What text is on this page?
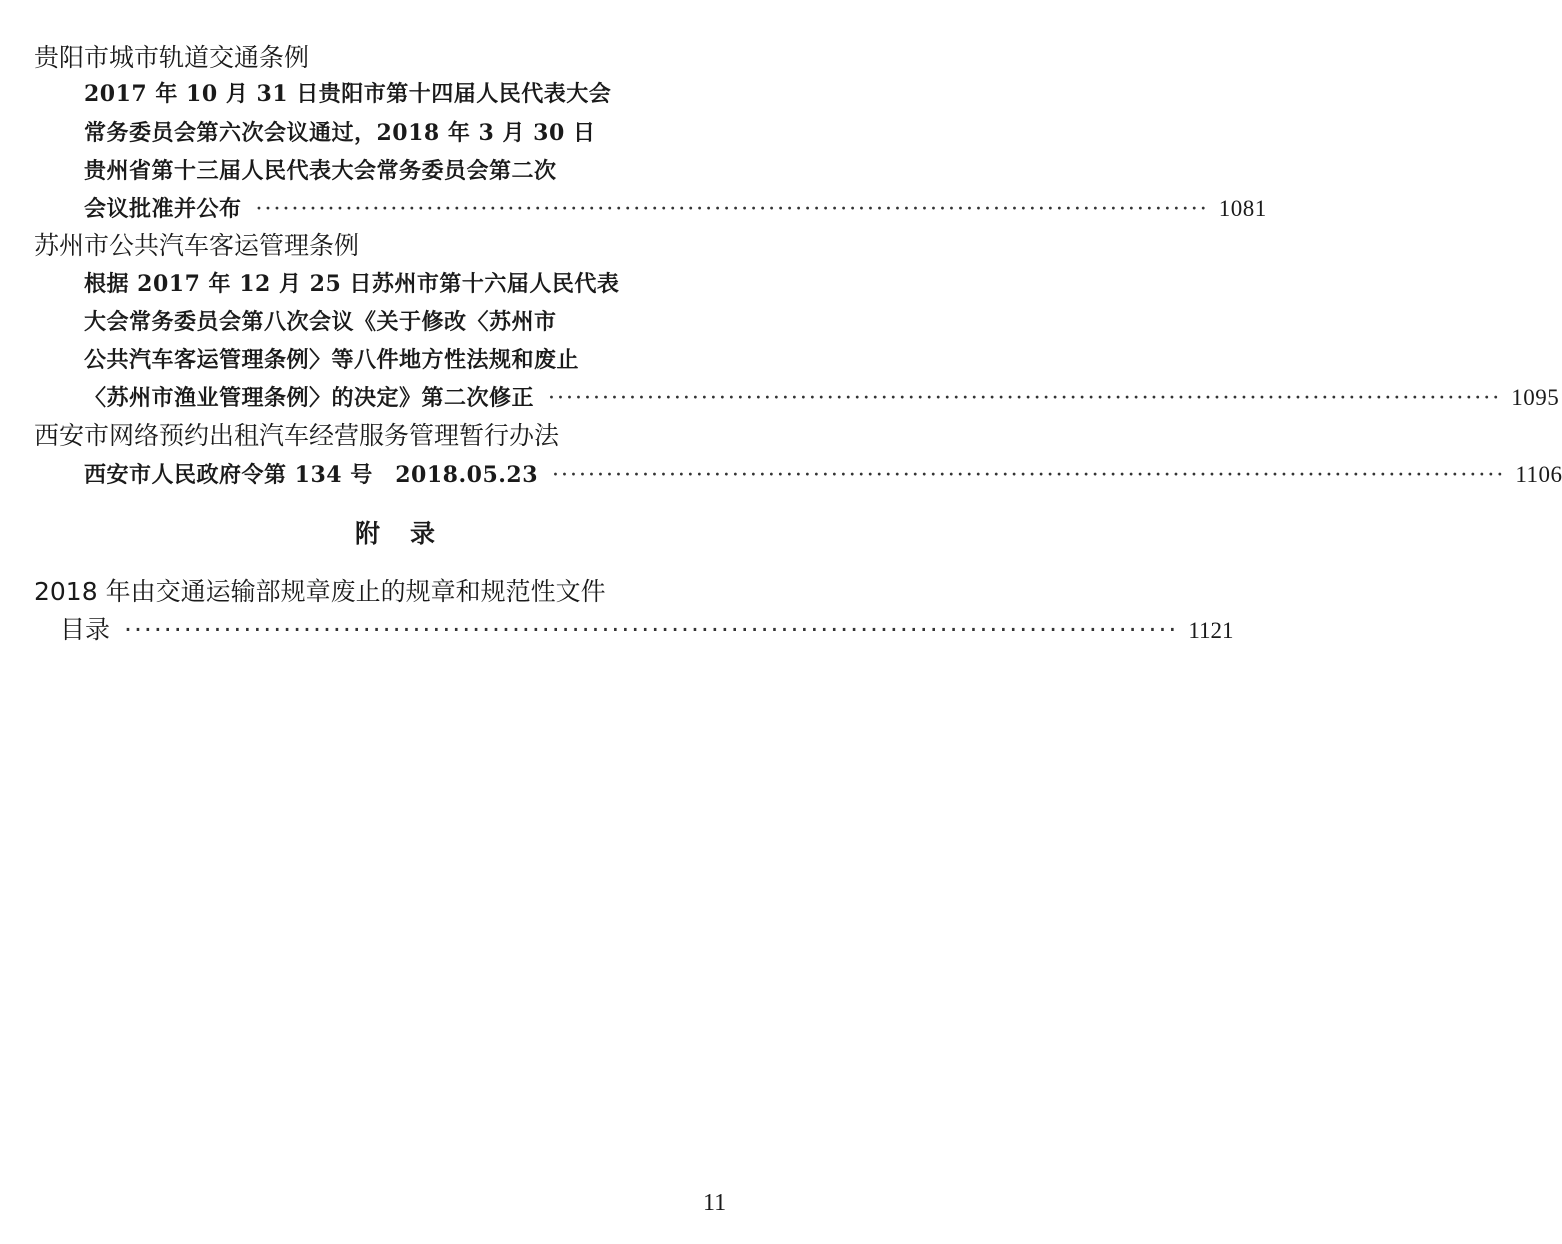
贵阳市城市轨道交通条例
2017 年 10 月 31 日贵阳市第十四届人民代表大会
常务委员会第六次会议通过，2018 年 3 月 30 日
贵州省第十三届人民代表大会常务委员会第二次
会议批准并公布 ·········································································································· 1081
苏州市公共汽车客运管理条例
根据 2017 年 12 月 25 日苏州市第十六届人民代表
大会常务委员会第八次会议《关于修改〈苏州市
公共汽车客运管理条例〉等八件地方性法规和废止
〈苏州市渔业管理条例〉的决定》第二次修正 ·········································································································· 1095
西安市网络预约出租汽车经营服务管理暂行办法
西安市人民政府令第 134 号　2018.05.23 ·········································································································· 1106
附录
2018 年由交通运输部规章废止的规章和规范性文件
目录 ·········································································································· 1121
11
